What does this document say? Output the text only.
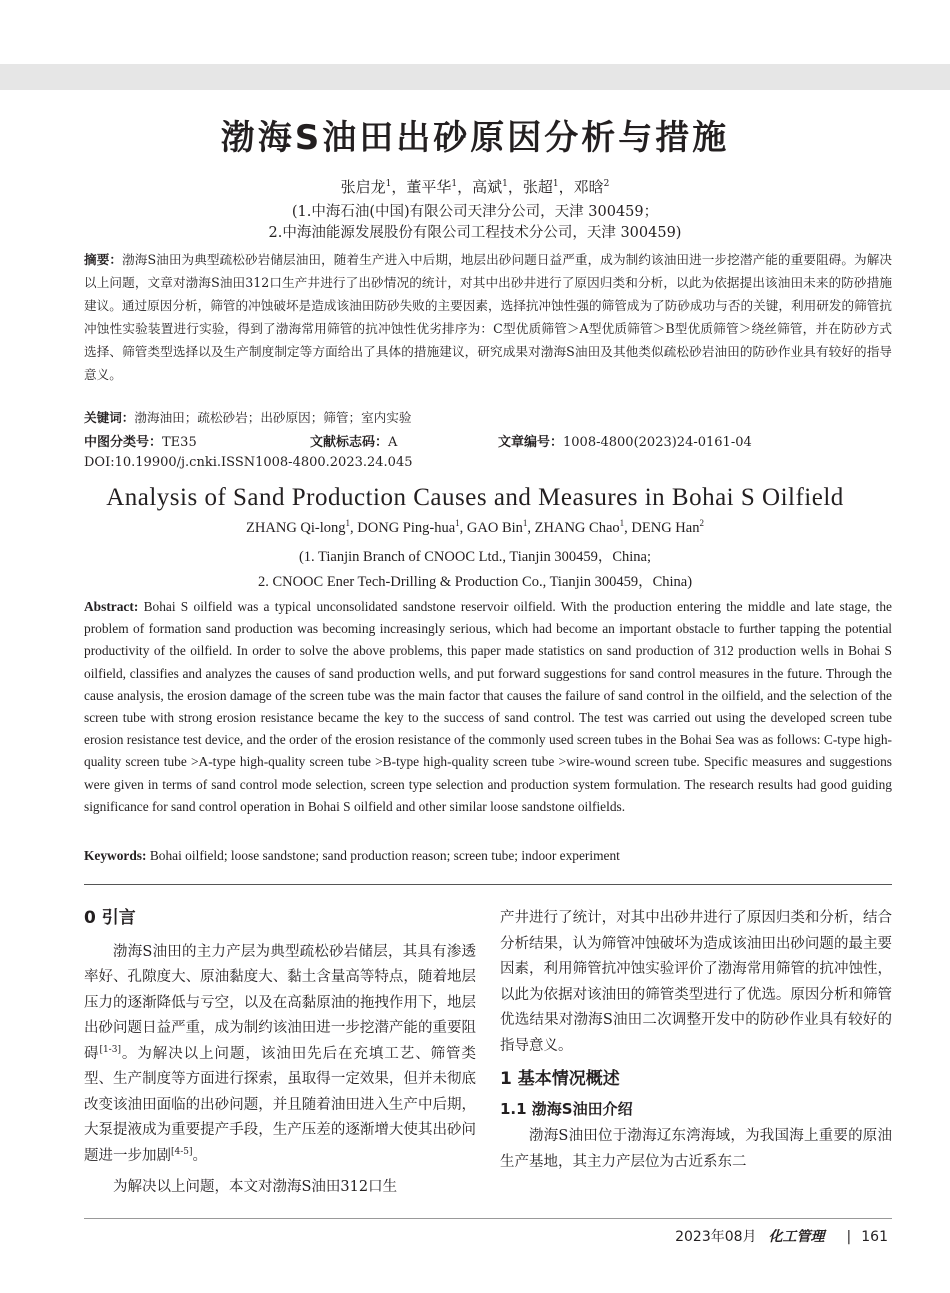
渤海S油田出砂原因分析与措施
张启龙$^1$，董平华$^1$，高斌$^1$，张超$^1$，邓晗$^2$
(1.中海石油(中国)有限公司天津分公司，天津 300459；
2.中海油能源发展股份有限公司工程技术分公司，天津 300459)
摘要：渤海S油田为典型疏松砂岩储层油田，随着生产进入中后期，地层出砂问题日益严重，成为制约该油田进一步挖潜产能的重要阻碍。为解决以上问题，文章对渤海S油田312口生产井进行了出砂情况的统计，对其中出砂井进行了原因归类和分析，以此为依据提出该油田未来的防砂措施建议。通过原因分析，筛管的冲蚀破坏是造成该油田防砂失败的主要因素，选择抗冲蚀性强的筛管成为了防砂成功与否的关键，利用研发的筛管抗冲蚀性实验装置进行实验，得到了渤海常用筛管的抗冲蚀性优劣排序为：C型优质筛管＞A型优质筛管＞B型优质筛管＞绕丝筛管，并在防砂方式选择、筛管类型选择以及生产制度制定等方面给出了具体的措施建议，研究成果对渤海S油田及其他类似疏松砂岩油田的防砂作业具有较好的指导意义。
关键词：渤海油田；疏松砂岩；出砂原因；筛管；室内实验
中图分类号：TE35	文献标志码：A	文章编号：1008-4800(2023)24-0161-04
DOI:10.19900/j.cnki.ISSN1008-4800.2023.24.045
Analysis of Sand Production Causes and Measures in Bohai S Oilfield
ZHANG Qi-long$^1$, DONG Ping-hua$^1$, GAO Bin$^1$, ZHANG Chao$^1$, DENG Han$^2$
(1. Tianjin Branch of CNOOC Ltd., Tianjin 300459，China;
2. CNOOC Ener Tech-Drilling & Production Co., Tianjin 300459，China)
Abstract: Bohai S oilfield was a typical unconsolidated sandstone reservoir oilfield. With the production entering the middle and late stage, the problem of formation sand production was becoming increasingly serious, which had become an important obstacle to further tapping the potential productivity of the oilfield. In order to solve the above problems, this paper made statistics on sand production of 312 production wells in Bohai S oilfield, classifies and analyzes the causes of sand production wells, and put forward suggestions for sand control measures in the future. Through the cause analysis, the erosion damage of the screen tube was the main factor that causes the failure of sand control in the oilfield, and the selection of the screen tube with strong erosion resistance became the key to the success of sand control. The test was carried out using the developed screen tube erosion resistance test device, and the order of the erosion resistance of the commonly used screen tubes in the Bohai Sea was as follows: C-type high-quality screen tube >A-type high-quality screen tube >B-type high-quality screen tube >wire-wound screen tube. Specific measures and suggestions were given in terms of sand control mode selection, screen type selection and production system formulation. The research results had good guiding significance for sand control operation in Bohai S oilfield and other similar loose sandstone oilfields.
Keywords: Bohai oilfield; loose sandstone; sand production reason; screen tube; indoor experiment
0 引言

渤海S油田的主力产层为典型疏松砂岩储层，其具有渗透率好、孔隙度大、原油黏度大、黏土含量高等特点，随着地层压力的逐渐降低与亏空，以及在高黏原油的拖拽作用下，地层出砂问题日益严重，成为制约该油田进一步挖潜产能的重要阻碍[1-3]。为解决以上问题，该油田先后在充填工艺、筛管类型、生产制度等方面进行探索，虽取得一定效果，但并未彻底改变该油田面临的出砂问题，并且随着油田进入生产中后期，大泵提液成为重要提产手段，生产压差的逐渐增大使其出砂问题进一步加剧[4-5]。

为解决以上问题，本文对渤海S油田312口生

产井进行了统计，对其中出砂井进行了原因归类和分析，结合分析结果，认为筛管冲蚀破坏为造成该油田出砂问题的最主要因素，利用筛管抗冲蚀实验评价了渤海常用筛管的抗冲蚀性，以此为依据对该油田的筛管类型进行了优选。原因分析和筛管优选结果对渤海S油田二次调整开发中的防砂作业具有较好的指导意义。

1 基本情况概述
1.1 渤海S油田介绍

渤海S油田位于渤海辽东湾海域，为我国海上重要的原油生产基地，其主力产层位为古近系东二

2023年08月 化工管理 | 161
